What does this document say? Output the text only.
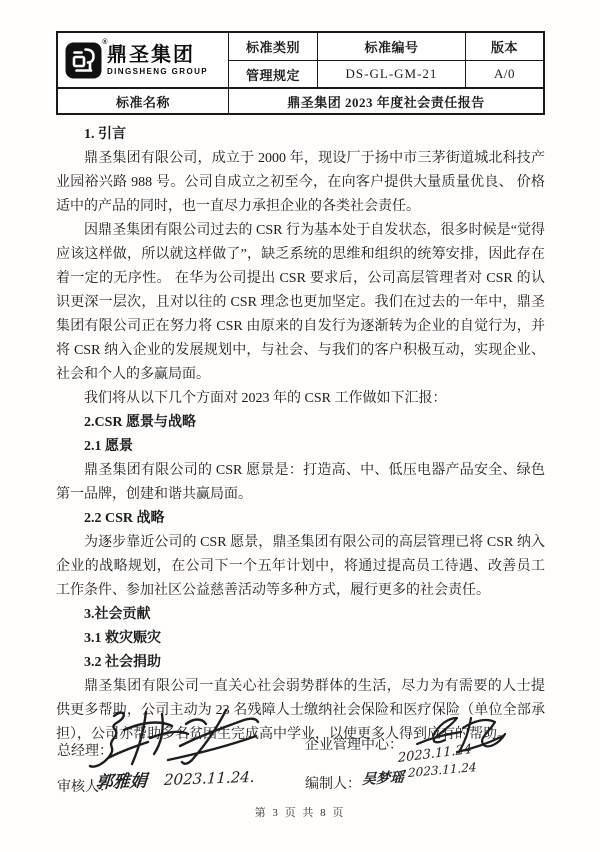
®
鼎圣集团
DINGSHENG GROUP
标准类别	标准编号	版本
管理规定	DS-GL-GM-21	A/0
标准名称	鼎圣集团 2023 年度社会责任报告

1. 引言

鼎圣集团有限公司，成立于 2000 年，现设厂于扬中市三茅街道城北科技产业园裕兴路 988 号。公司自成立之初至今，在向客户提供大量质量优良、 价格适中的产品的同时，也一直尽力承担企业的各类社会责任。

因鼎圣集团有限公司过去的 CSR 行为基本处于自发状态，很多时候是“觉得应该这样做，所以就这样做了”，缺乏系统的思维和组织的统筹安排，因此存在着一定的无序性。 在华为公司提出 CSR 要求后，公司高层管理者对 CSR 的认识更深一层次，且对以往的 CSR 理念也更加坚定。我们在过去的一年中，鼎圣集团有限公司正在努力将 CSR 由原来的自发行为逐渐转为企业的自觉行为，并将 CSR 纳入企业的发展规划中，与社会、与我们的客户积极互动，实现企业、社会和个人的多赢局面。

我们将从以下几个方面对 2023 年的 CSR 工作做如下汇报：

2.CSR 愿景与战略

2.1 愿景

鼎圣集团有限公司的 CSR 愿景是：打造高、中、低压电器产品安全、绿色第一品牌，创建和谐共赢局面。

2.2 CSR 战略

为逐步靠近公司的 CSR 愿景，鼎圣集团有限公司的高层管理已将 CSR 纳入企业的战略规划，在公司下一个五年计划中，将通过提高员工待遇、改善员工工作条件、参加社区公益慈善活动等多种方式，履行更多的社会责任。

3.社会贡献

3.1 救灾赈灾

3.2 社会捐助

鼎圣集团有限公司一直关心社会弱势群体的生活，尽力为有需要的人士提供更多帮助，公司主动为 23 名残障人士缴纳社会保险和医疗保险（单位全部承担），公司亦帮助多名贫困生完成高中学业，以使更多人得到应有的帮助。

总经理：	企业管理中心：
2023.11.24
审核人：
郭雅娟 2023.11.24.	编制人： 吴梦瑶 2023.11.24
第 3 页 共 8 页
